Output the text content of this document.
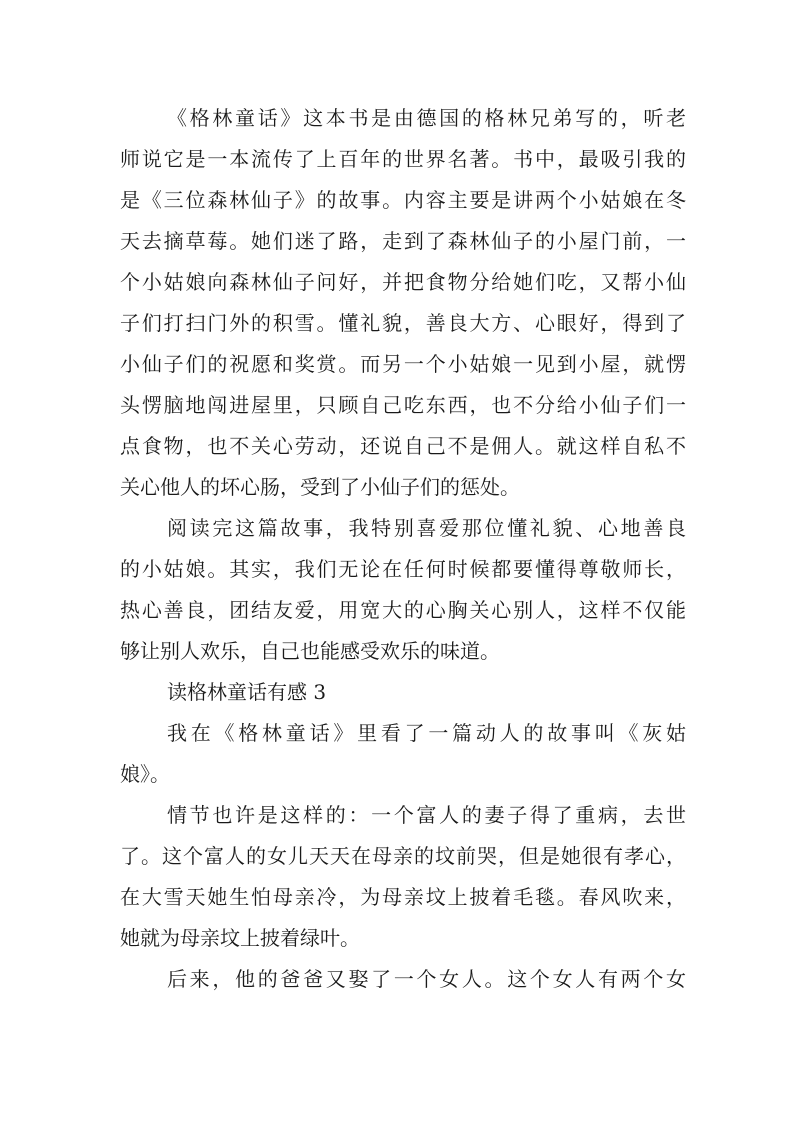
《格林童话》这本书是由德国的格林兄弟写的，听老
师说它是一本流传了上百年的世界名著。书中，最吸引我的
是《三位森林仙子》的故事。内容主要是讲两个小姑娘在冬
天去摘草莓。她们迷了路，走到了森林仙子的小屋门前，一
个小姑娘向森林仙子问好，并把食物分给她们吃，又帮小仙
子们打扫门外的积雪。懂礼貌，善良大方、心眼好，得到了
小仙子们的祝愿和奖赏。而另一个小姑娘一见到小屋，就愣
头愣脑地闯进屋里，只顾自己吃东西，也不分给小仙子们一
点食物，也不关心劳动，还说自己不是佣人。就这样自私不
关心他人的坏心肠，受到了小仙子们的惩处。
阅读完这篇故事，我特别喜爱那位懂礼貌、心地善良
的小姑娘。其实，我们无论在任何时候都要懂得尊敬师长，
热心善良，团结友爱，用宽大的心胸关心别人，这样不仅能
够让别人欢乐，自己也能感受欢乐的味道。
读格林童话有感 3
我在《格林童话》里看了一篇动人的故事叫《灰姑
娘》。
情节也许是这样的：一个富人的妻子得了重病，去世
了。这个富人的女儿天天在母亲的坟前哭，但是她很有孝心，
在大雪天她生怕母亲冷，为母亲坟上披着毛毯。春风吹来，
她就为母亲坟上披着绿叶。
后来，他的爸爸又娶了一个女人。这个女人有两个女
